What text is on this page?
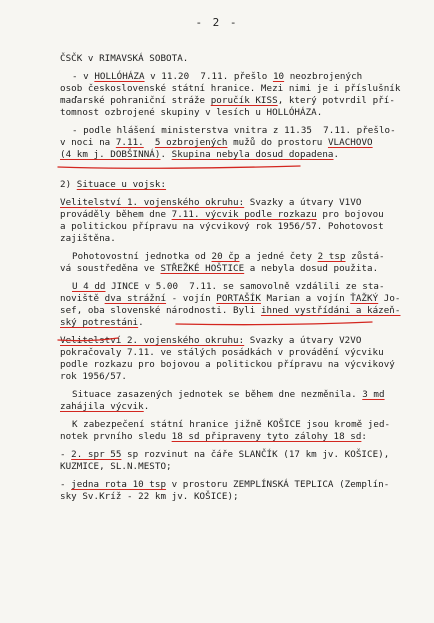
- 2 -
ČSČK v RIMAVSKÁ SOBOTA.
- v HOLLÓHÁZA v 11.20  7.11. přešlo 10 neozbrojených
osob československé státní hranice. Mezi nimi je i příslušník
maďarské pohraniční stráže poručík KISS, který potvrdil pří-
tomnost ozbrojené skupiny v lesích u HOLLÓHÁZA.
- podle hlášení ministerstva vnitra z 11.35  7.11. přešlo-
v noci na 7.11. 5 ozbrojených mužů do prostoru VLACHOVO
(4 km j. DOBŠINNÁ). Skupina nebyla dosud dopadena.
2) Situace u vojsk:
Velitelství 1. vojenského okruhu: Svazky a útvary V1VO
prováděly během dne 7.11. výcvik podle rozkazu pro bojovou
a politickou přípravu na výcvikový rok 1956/57. Pohotovost
zajištěna.
Pohotovostní jednotka od 20 čp a jedné čety 2 tsp zůstá-
vá soustředěna ve STŘEŽKÉ HOŠTICE a nebyla dosud použita.
U 4 dd JINCE v 5.00  7.11. se samovolně vzdálili ze sta-
noviště dva strážní - vojín PORTAŠÍK Marian a vojín ŤAŽKÝ Jo-
sef, oba slovenské národnosti. Byli ihned vystřídáni a kázeň-
ský potrestáni.
Velitelství 2. vojenského okruhu: Svazky a útvary V2VO
pokračovaly 7.11. ve stálých posádkách v provádění výcviku
podle rozkazu pro bojovou a politickou přípravu na výcvikový
rok 1956/57.
Situace zasazených jednotek se během dne nezměnila. 3 md
zahájila výcvik.
K zabezpečení státní hranice jižně KOŠICE jsou kromě jed-
notek prvního sledu 18 sd připraveny tyto zálohy 18 sd:
- 2. spr 55 sp rozvinut na čáře SLANČÍK (17 km jv. KOŠICE),
KUZMICE, SL.N.MESTO;
- jedna rota 10 tsp v prostoru ZEMPLÍNSKÁ TEPLICA (Zemplín-
sky Sv.Kríž - 22 km jv. KOŠICE);
